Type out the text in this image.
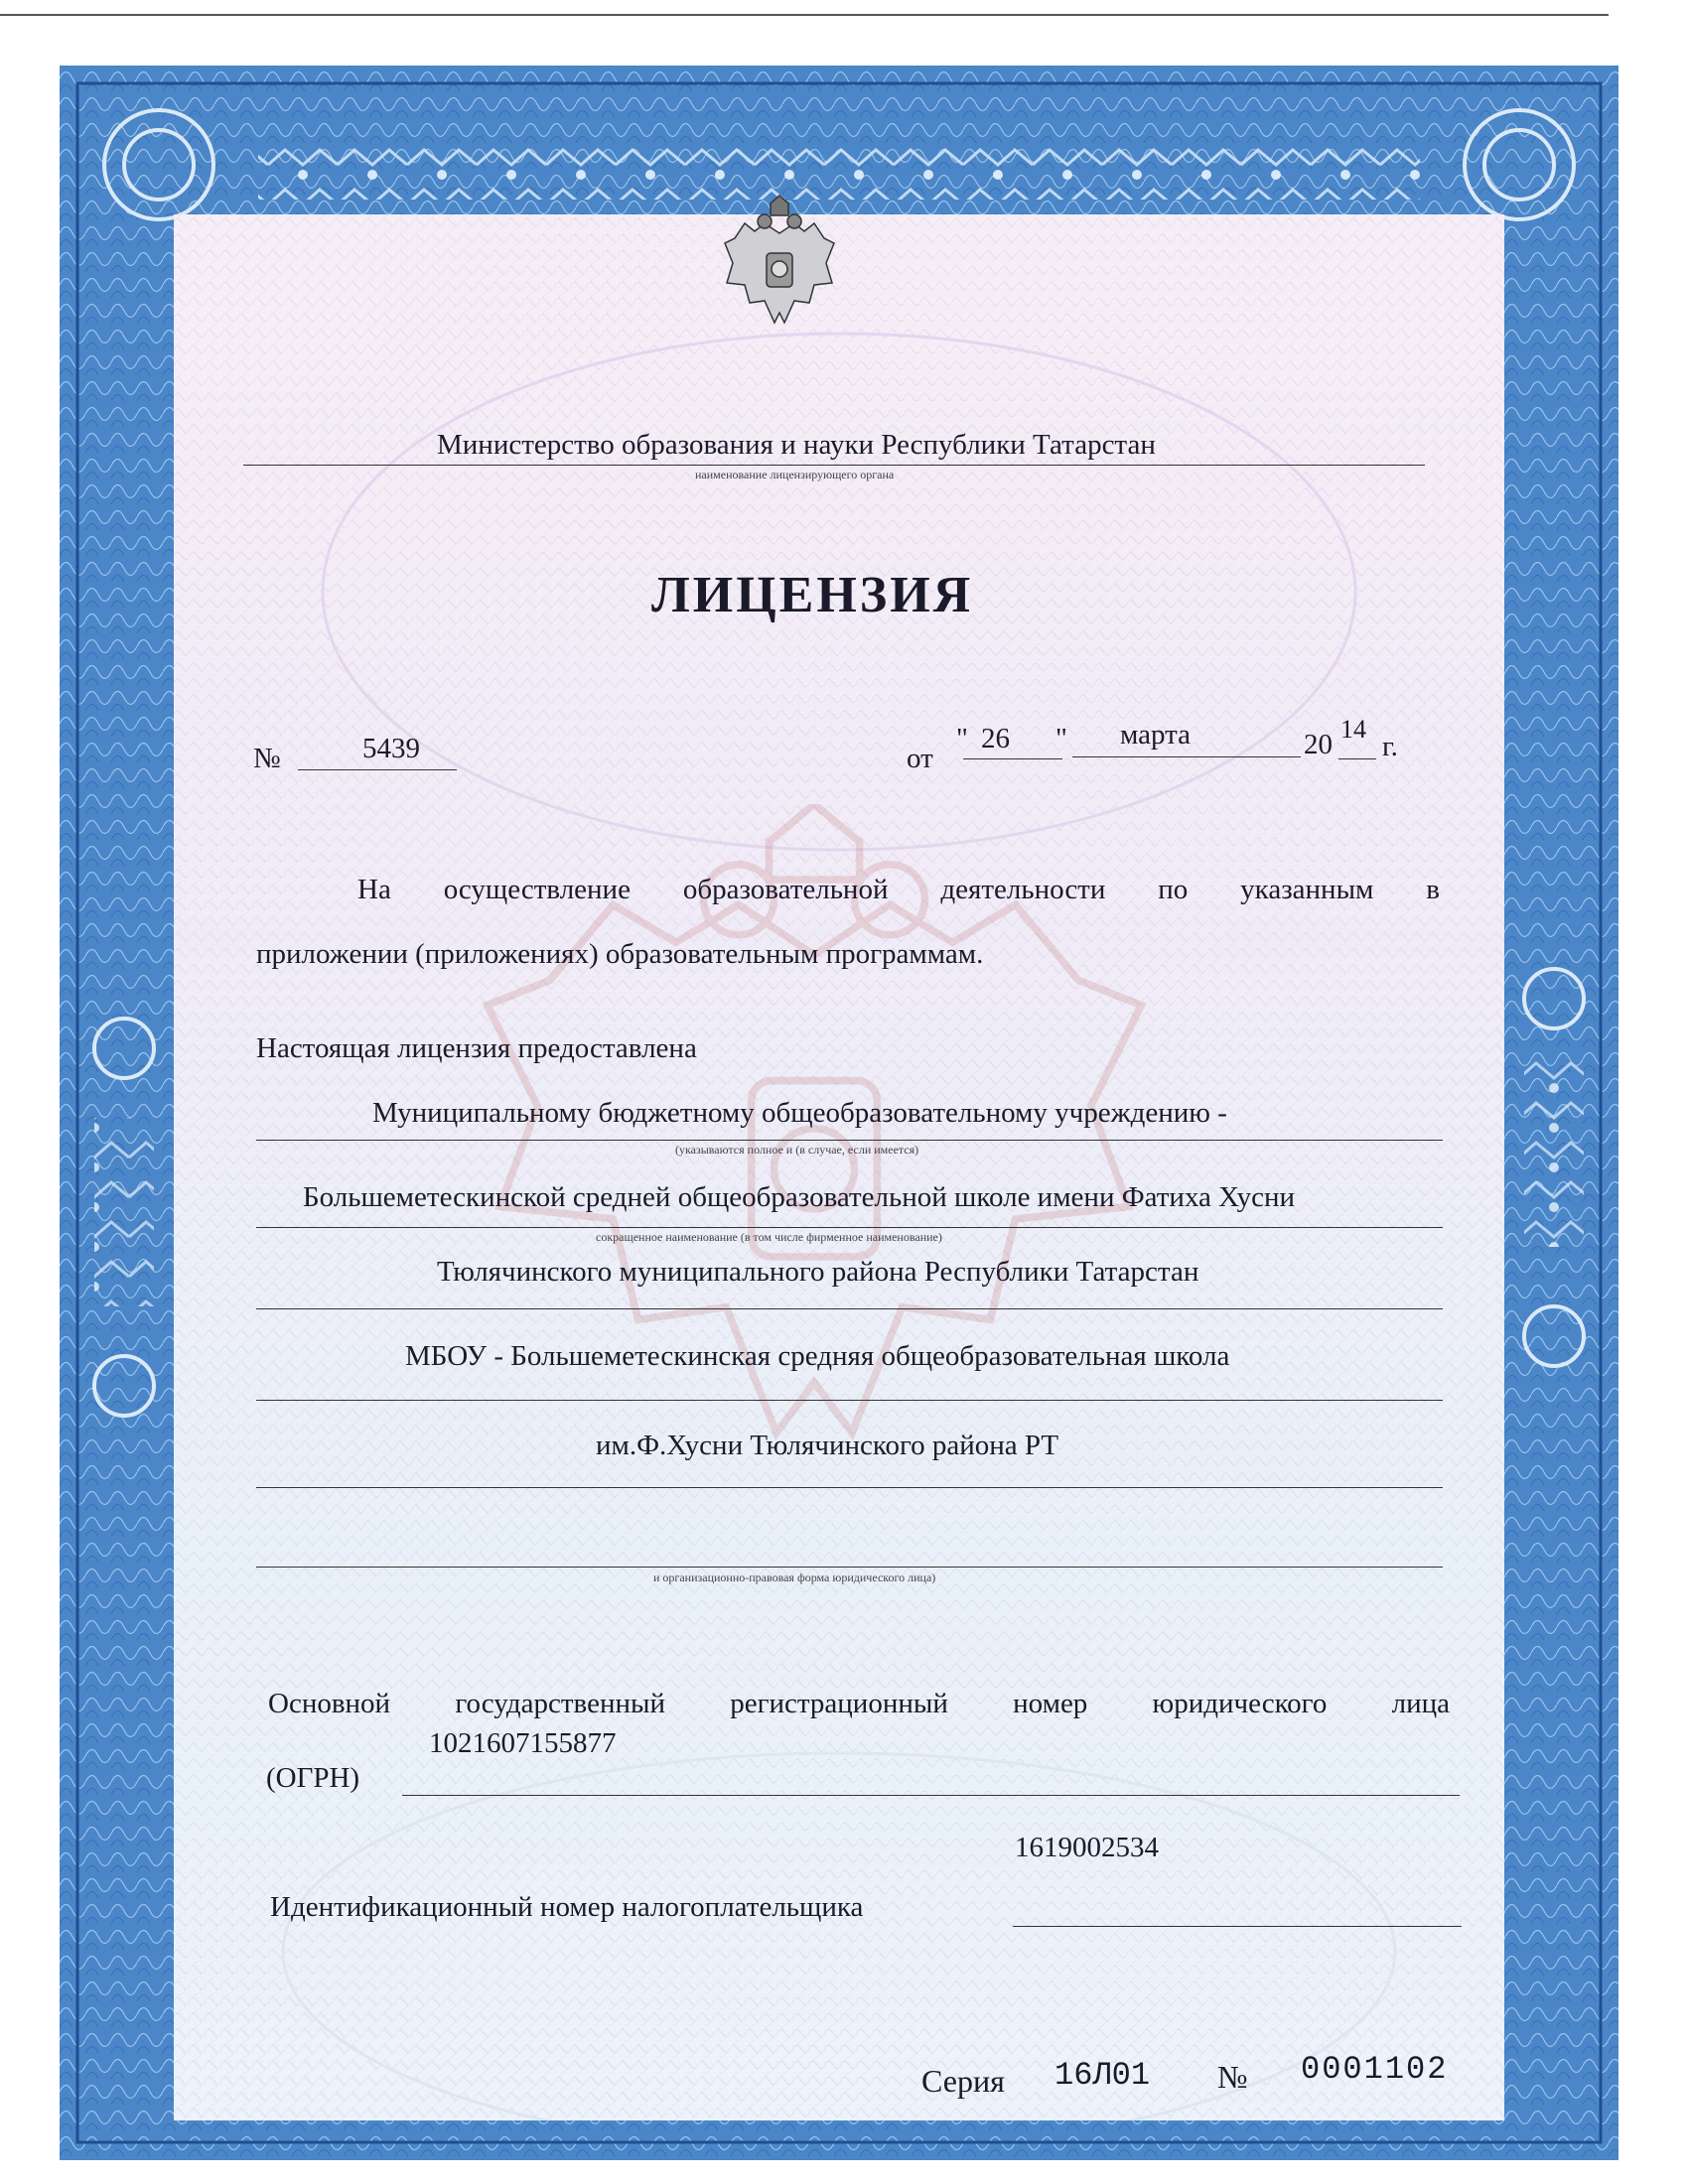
Министерство образования и науки Республики Татарстан
наименование лицензирующего органа
ЛИЦЕНЗИЯ
№	5439	от
" 26 " марта	20 14
г.
На осуществление образовательной деятельности по указанным в
приложении (приложениях) образовательным программам.
Настоящая лицензия предоставлена
Муниципальному бюджетному общеобразовательному учреждению -
(указываются полное и (в случае, если имеется)
Большеметескинской средней общеобразовательной школе имени Фатиха Хусни
сокращенное наименование (в том числе фирменное наименование)
Тюлячинского муниципального района Республики Татарстан
МБОУ - Большеметескинская средняя общеобразовательная школа
им.Ф.Хусни Тюлячинского района РТ
и организационно-правовая форма юридического лица)
Основной государственный регистрационный номер юридического лица
1021607155877
(ОГРН)
1619002534
Идентификационный номер налогоплательщика
Серия 16Л01 № 0001102
